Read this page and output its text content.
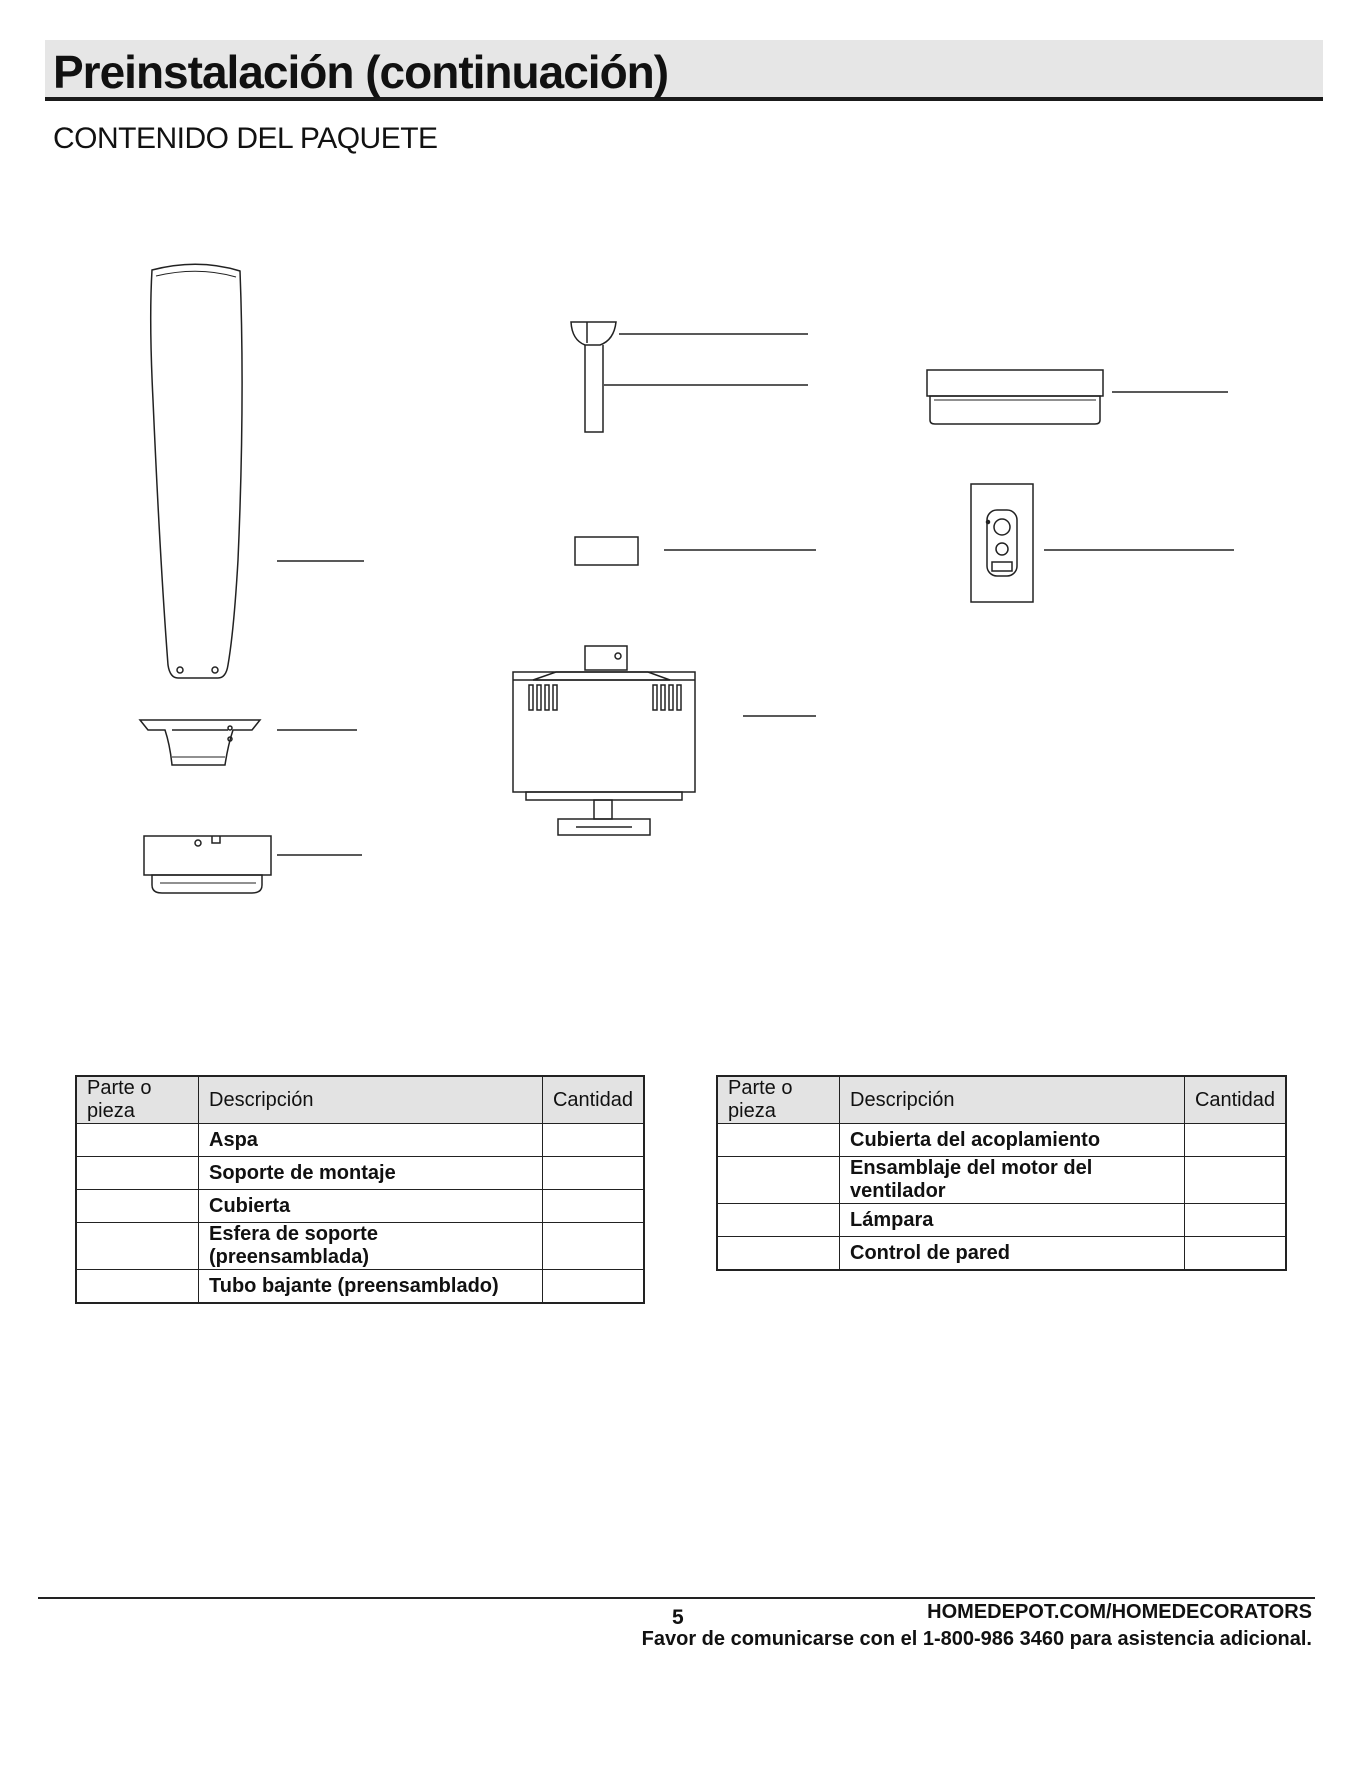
Preinstalación (continuación)
CONTENIDO DEL PAQUETE
Parte o pieza	Descripción	Cantidad
	Aspa	
	Soporte de montaje	
	Cubierta	
	Esfera de soporte (preensamblada)	
	Tubo bajante (preensamblado)	
Parte o pieza	Descripción	Cantidad
	Cubierta del acoplamiento	
	Ensamblaje del motor del ventilador	
	Lámpara	
	Control de pared	
5	HOMEDEPOT.COM/HOMEDECORATORS
Favor de comunicarse con el 1-800-986 3460 para asistencia adicional.
